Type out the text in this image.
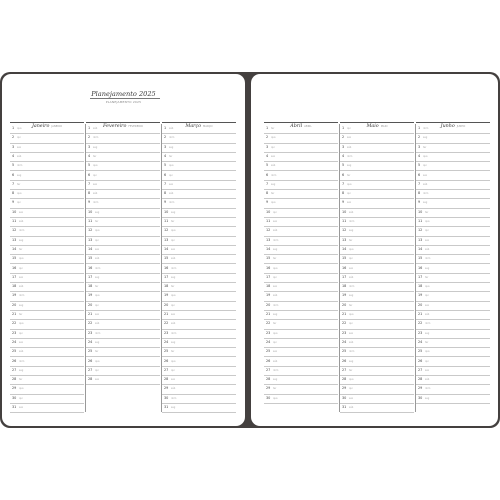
Planejamento 2025
PLANEJAMENTO 2025
Janeiro JANEIRO
1 qua
2 qui
3 sex
4 sáb
5 dom
6 seg
7 ter
8 qua
9 qui
10 sex
11 sáb
12 dom
13 seg
14 ter
15 qua
16 qui
17 sex
18 sáb
19 dom
20 seg
21 ter
22 qua
23 qui
24 sex
25 sáb
26 dom
27 seg
28 ter
29 qua
30 qui
31 sex
Fevereiro FEVEREIRO
1 sáb
2 dom
3 seg
4 ter
5 qua
6 qui
7 sex
8 sáb
9 dom
10 seg
11 ter
12 qua
13 qui
14 sex
15 sáb
16 dom
17 seg
18 ter
19 qua
20 qui
21 sex
22 sáb
23 dom
24 seg
25 ter
26 qua
27 qui
28 sex
Março MARÇO
1 sáb
2 dom
3 seg
4 ter
5 qua
6 qui
7 sex
8 sáb
9 dom
10 seg
11 ter
12 qua
13 qui
14 sex
15 sáb
16 dom
17 seg
18 ter
19 qua
20 qui
21 sex
22 sáb
23 dom
24 seg
25 ter
26 qua
27 qui
28 sex
29 sáb
30 dom
31 seg
Abril ABRIL
1 ter
2 qua
3 qui
4 sex
5 sáb
6 dom
7 seg
8 ter
9 qua
10 qui
11 sex
12 sáb
13 dom
14 seg
15 ter
16 qua
17 qui
18 sex
19 sáb
20 dom
21 seg
22 ter
23 qua
24 qui
25 sex
26 sáb
27 dom
28 seg
29 ter
30 qua
Maio MAIO
1 qui
2 sex
3 sáb
4 dom
5 seg
6 ter
7 qua
8 qui
9 sex
10 sáb
11 dom
12 seg
13 ter
14 qua
15 qui
16 sex
17 sáb
18 dom
19 seg
20 ter
21 qua
22 qui
23 sex
24 sáb
25 dom
26 seg
27 ter
28 qua
29 qui
30 sex
31 sáb
Junho JUNHO
1 dom
2 seg
3 ter
4 qua
5 qui
6 sex
7 sáb
8 dom
9 seg
10 ter
11 qua
12 qui
13 sex
14 sáb
15 dom
16 seg
17 ter
18 qua
19 qui
20 sex
21 sáb
22 dom
23 seg
24 ter
25 qua
26 qui
27 sex
28 sáb
29 dom
30 seg
